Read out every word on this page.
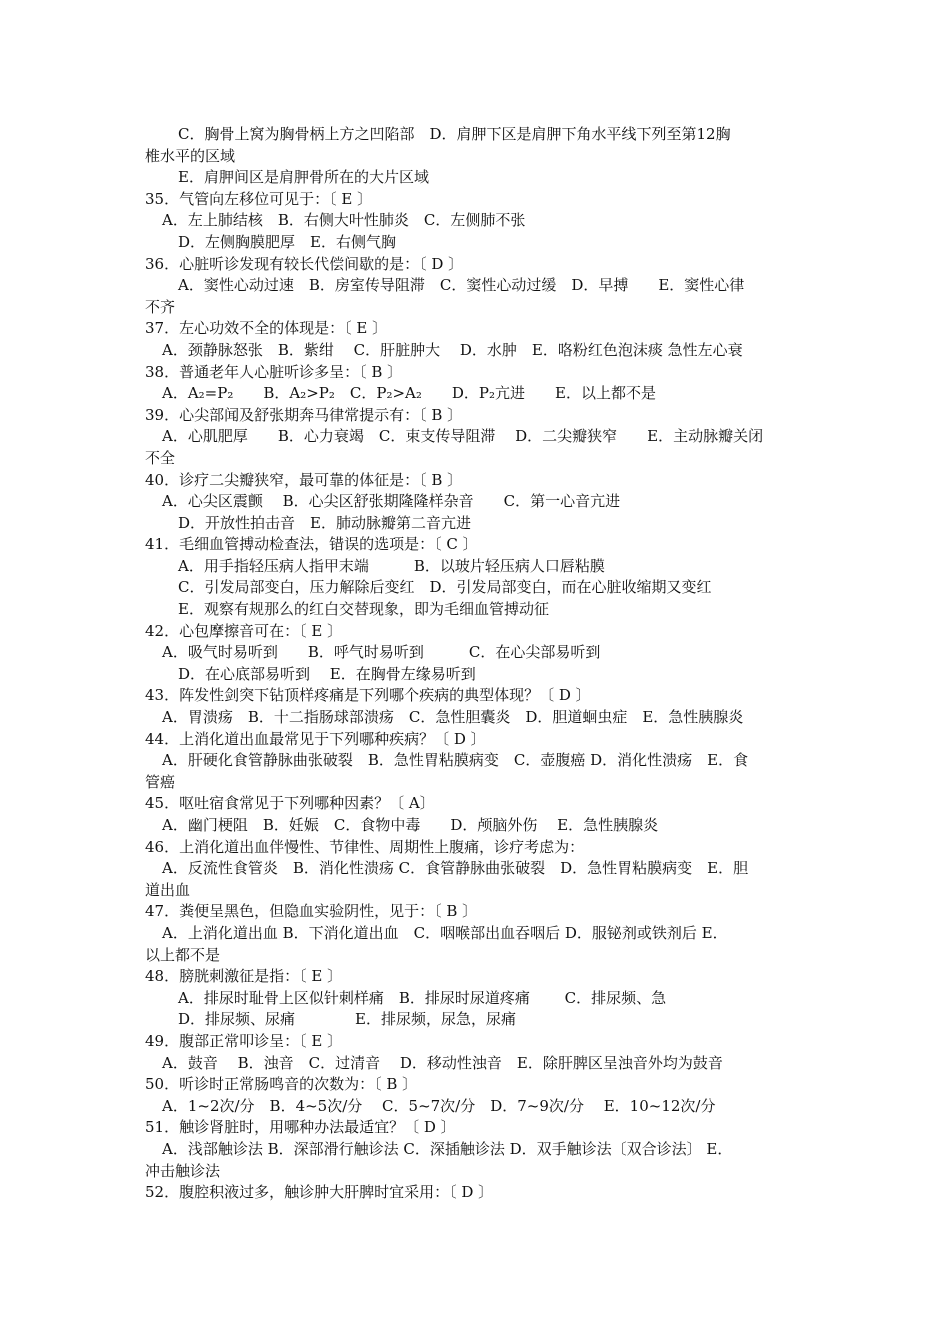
C．胸骨上窝为胸骨柄上方之凹陷部　D．肩胛下区是肩胛下角水平线下列至第12胸
椎水平的区域
E．肩胛间区是肩胛骨所在的大片区域
35．气管向左移位可见于：〔 E 〕
A．左上肺结核　B．右侧大叶性肺炎　C．左侧肺不张
D．左侧胸膜肥厚　E．右侧气胸
36．心脏听诊发现有较长代偿间歇的是：〔 D 〕
A．窦性心动过速　B．房室传导阻滞　C．窦性心动过缓　D．早搏　　E．窦性心律
不齐
37．左心功效不全的体现是：〔 E 〕
A．颈静脉怒张　B．紫绀　 C．肝脏肿大　 D．水肿　E．咯粉红色泡沫痰 急性左心衰
38．普通老年人心脏听诊多呈：〔 B 〕
A．A₂=P₂　　B．A₂>P₂　C．P₂>A₂　　D．P₂亢进　　E．以上都不是
39．心尖部闻及舒张期奔马律常提示有：〔 B 〕
A．心肌肥厚　　B．心力衰竭　C．束支传导阻滞　 D．二尖瓣狭窄　　E．主动脉瓣关闭
不全
40．诊疗二尖瓣狭窄，最可靠的体征是：〔 B 〕
A．心尖区震颤　 B．心尖区舒张期隆隆样杂音　　C．第一心音亢进
D．开放性拍击音　E．肺动脉瓣第二音亢进
41．毛细血管搏动检查法，错误的选项是：〔 C 〕
A．用手指轻压病人指甲末端　　　B．以玻片轻压病人口唇粘膜
C．引发局部变白，压力解除后变红　D．引发局部变白，而在心脏收缩期又变红
E．观察有规那么的红白交替现象，即为毛细血管搏动征
42．心包摩擦音可在：〔 E 〕
A．吸气时易听到　　B．呼气时易听到　　　C．在心尖部易听到
D．在心底部易听到　 E．在胸骨左缘易听到
43．阵发性剑突下钻顶样疼痛是下列哪个疾病的典型体现？〔 D 〕
A．胃溃疡　B．十二指肠球部溃疡　C．急性胆囊炎　D．胆道蛔虫症　E．急性胰腺炎
44．上消化道出血最常见于下列哪种疾病？〔 D 〕
A．肝硬化食管静脉曲张破裂　B．急性胃粘膜病变　C．壶腹癌 D．消化性溃疡　E．食
管癌
45．呕吐宿食常见于下列哪种因素？〔 A〕
A．幽门梗阻　B．妊娠　C．食物中毒　　D．颅脑外伤　 E．急性胰腺炎
46．上消化道出血伴慢性、节律性、周期性上腹痛，诊疗考虑为：
A．反流性食管炎　B．消化性溃疡 C．食管静脉曲张破裂　D．急性胃粘膜病变　E．胆
道出血
47．粪便呈黑色，但隐血实验阴性，见于：〔 B 〕
A．上消化道出血 B．下消化道出血　C．咽喉部出血吞咽后 D．服铋剂或铁剂后 E．
以上都不是
48．膀胱刺激征是指：〔 E 〕
A．排尿时耻骨上区似针刺样痛　B．排尿时尿道疼痛　　 C．排尿频、急
D．排尿频、尿痛　　　　E．排尿频，尿急，尿痛
49．腹部正常叩诊呈：〔 E 〕
A．鼓音　 B．浊音　C．过清音　 D．移动性浊音　E．除肝脾区呈浊音外均为鼓音
50．听诊时正常肠鸣音的次数为：〔 B 〕
A．1~2次/分　B．4~5次/分　 C．5~7次/分　D．7~9次/分　 E．10~12次/分
51．触诊肾脏时，用哪种办法最适宜？〔 D 〕
A．浅部触诊法 B．深部滑行触诊法 C．深插触诊法 D．双手触诊法〔双合诊法〕 E．
冲击触诊法
52．腹腔积液过多，触诊肿大肝脾时宜采用：〔 D 〕
